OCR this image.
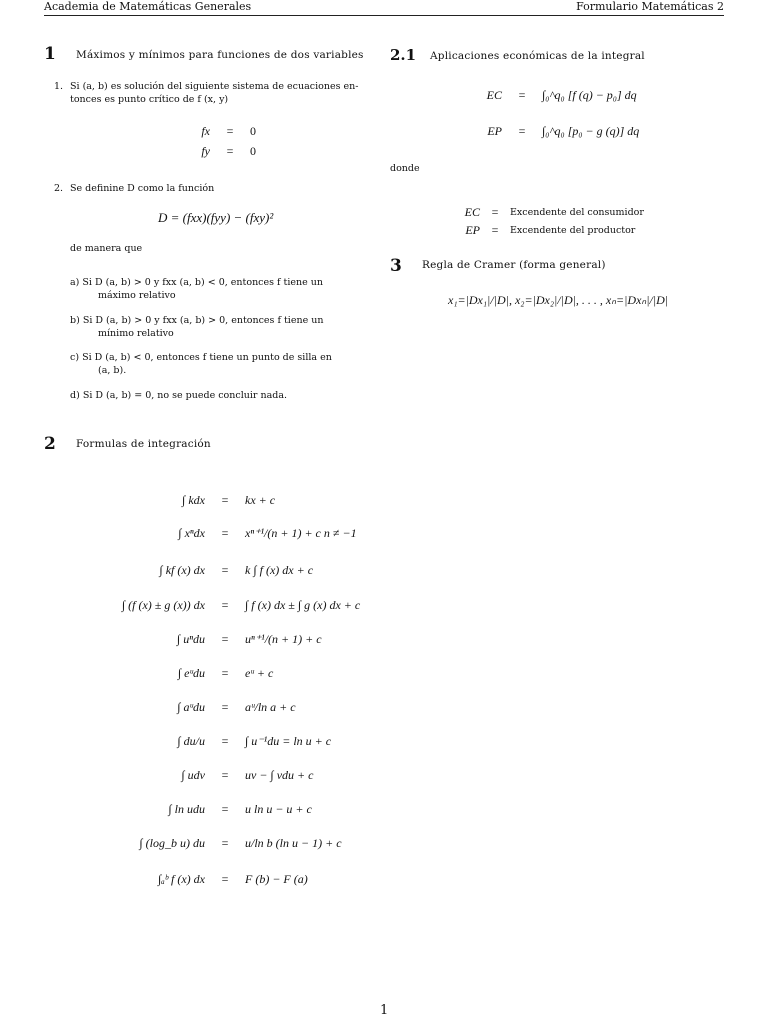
Academia de Matemáticas Generales	Formulario Matemáticas 2
1 Máximos y mínimos para funciones de dos variables
1. Si (a, b) es solución del siguiente sistema de ecuaciones en-
tonces es punto crítico de f (x, y)
fx	=	0
fy	=	0
2. Se definine D como la función
D = (fxx)(fyy) − (fxy)²
de manera que
a) Si D (a, b) > 0 y fxx (a, b) < 0, entonces f tiene un
máximo relativo
b) Si D (a, b) > 0 y fxx (a, b) > 0, entonces f tiene un
mínimo relativo
c) Si D (a, b) < 0, entonces f tiene un punto de silla en
(a, b).
d) Si D (a, b) = 0, no se puede concluir nada.
2 Formulas de integración
∫ kdx	=	kx + c
∫ xⁿdx	=	xⁿ⁺¹/(n + 1) + c n ≠ −1
∫ kf (x) dx	=	k ∫ f (x) dx + c
∫ (f (x) ± g (x)) dx	=	∫ f (x) dx ± ∫ g (x) dx + c
∫ uⁿdu	=	uⁿ⁺¹/(n + 1) + c
∫ eᵘdu	=	eᵘ + c
∫ aᵘdu	=	aᵘ/ln a + c
∫ du/u	=	∫ u⁻¹du = ln u + c
∫ udv	=	uv − ∫ vdu + c
∫ ln udu	=	u ln u − u + c
∫ (log_b u) du	=	u/ln b (ln u − 1) + c
∫ₐᵇ f (x) dx	=	F (b) − F (a)
2.1 Aplicaciones económicas de la integral
EC	=	∫₀^q₀ [f (q) − p₀] dq
EP	=	∫₀^q₀ [p₀ − g (q)] dq
donde
EC =	Excendente del consumidor
EP =	Excendente del productor
3 Regla de Cramer (forma general)
x₁=|Dx₁|/|D|, x₂=|Dx₂|/|D|, . . . , xₙ=|Dxₙ|/|D|
1
